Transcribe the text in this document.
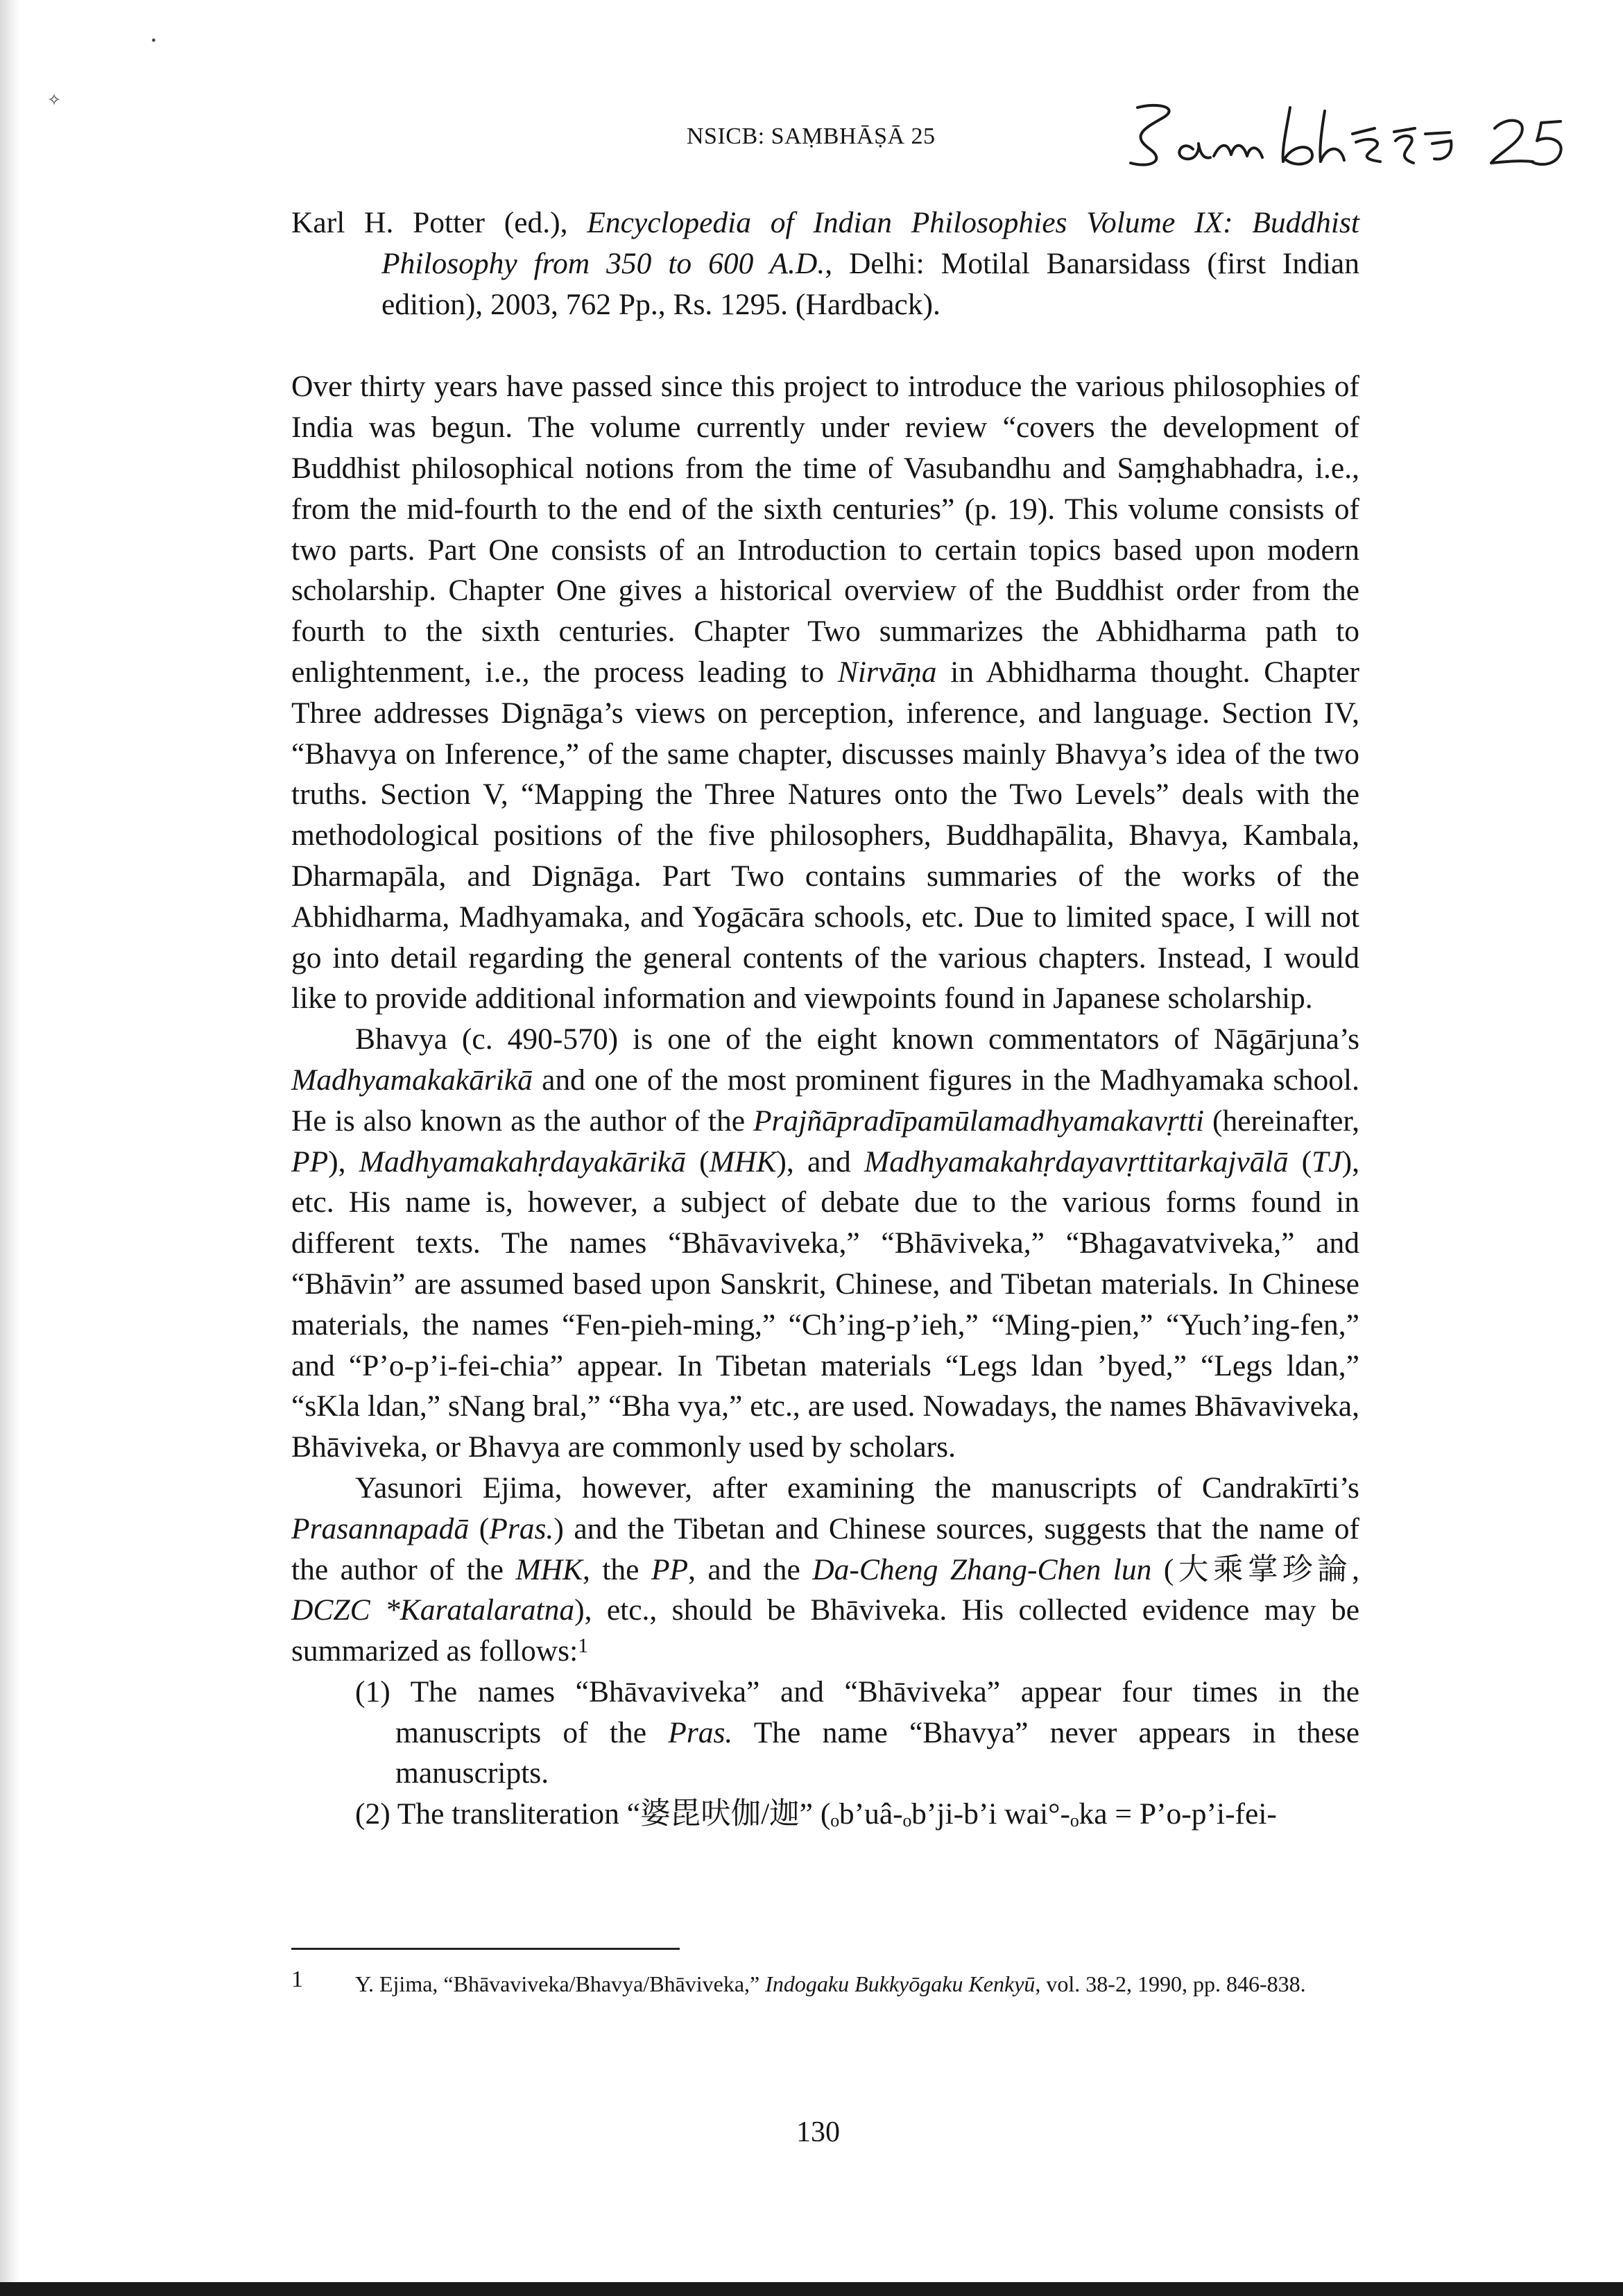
•
✧
NSICB: SAṂBHĀṢĀ 25

Karl H. Potter (ed.), Encyclopedia of Indian Philosophies Volume IX: Buddhist Philosophy from 350 to 600 A.D., Delhi: Motilal Banarsidass (first Indian edition), 2003, 762 Pp., Rs. 1295. (Hardback).

Over thirty years have passed since this project to introduce the various philosophies of India was begun. The volume currently under review “covers the development of Buddhist philosophical notions from the time of Vasubandhu and Saṃghabhadra, i.e., from the mid-fourth to the end of the sixth centuries” (p. 19). This volume consists of two parts. Part One consists of an Introduction to certain topics based upon modern scholarship. Chapter One gives a historical overview of the Buddhist order from the fourth to the sixth centuries. Chapter Two summarizes the Abhidharma path to enlightenment, i.e., the process leading to Nirvāṇa in Abhidharma thought. Chapter Three addresses Dignāga’s views on perception, inference, and language. Section IV, “Bhavya on Inference,” of the same chapter, discusses mainly Bhavya’s idea of the two truths. Section V, “Mapping the Three Natures onto the Two Levels” deals with the methodological positions of the five philosophers, Buddhapālita, Bhavya, Kambala, Dharmapāla, and Dignāga. Part Two contains summaries of the works of the Abhidharma, Madhyamaka, and Yogācāra schools, etc. Due to limited space, I will not go into detail regarding the general contents of the various chapters. Instead, I would like to provide additional information and viewpoints found in Japanese scholarship.

Bhavya (c. 490-570) is one of the eight known commentators of Nāgārjuna’s Madhyamakakārikā and one of the most prominent figures in the Madhyamaka school. He is also known as the author of the Prajñāpradīpamūlamadhyamakavṛtti (hereinafter, PP), Madhyamakahṛdayakārikā (MHK), and Madhyamakahṛdayavṛttitarkajvālā (TJ), etc. His name is, however, a subject of debate due to the various forms found in different texts. The names “Bhāvaviveka,” “Bhāviveka,” “Bhagavatviveka,” and “Bhāvin” are assumed based upon Sanskrit, Chinese, and Tibetan materials. In Chinese materials, the names “Fen-pieh-ming,” “Ch’ing-p’ieh,” “Ming-pien,” “Yuch’ing-fen,” and “P’o-p’i-fei-chia” appear. In Tibetan materials “Legs ldan ’byed,” “Legs ldan,” “sKla ldan,” sNang bral,” “Bha vya,” etc., are used. Nowadays, the names Bhāvaviveka, Bhāviveka, or Bhavya are commonly used by scholars.

Yasunori Ejima, however, after examining the manuscripts of Candrakīrti’s Prasannapadā (Pras.) and the Tibetan and Chinese sources, suggests that the name of the author of the MHK, the PP, and the Da-Cheng Zhang-Chen lun (大乘掌珍論, DCZC *Karatalaratna), etc., should be Bhāviveka. His collected evidence may be summarized as follows:$^1$

(1) The names “Bhāvaviveka” and “Bhāviveka” appear four times in the manuscripts of the Pras. The name “Bhavya” never appears in these manuscripts.

(2) The transliteration “婆毘吠伽/迦” (ₒb’uâ-ₒb’ji-b’i wai°-ₒka = P’o-p’i-fei-

1 Y. Ejima, “Bhāvaviveka/Bhavya/Bhāviveka,” Indogaku Bukkyōgaku Kenkyū, vol. 38-2, 1990, pp. 846-838.
130
